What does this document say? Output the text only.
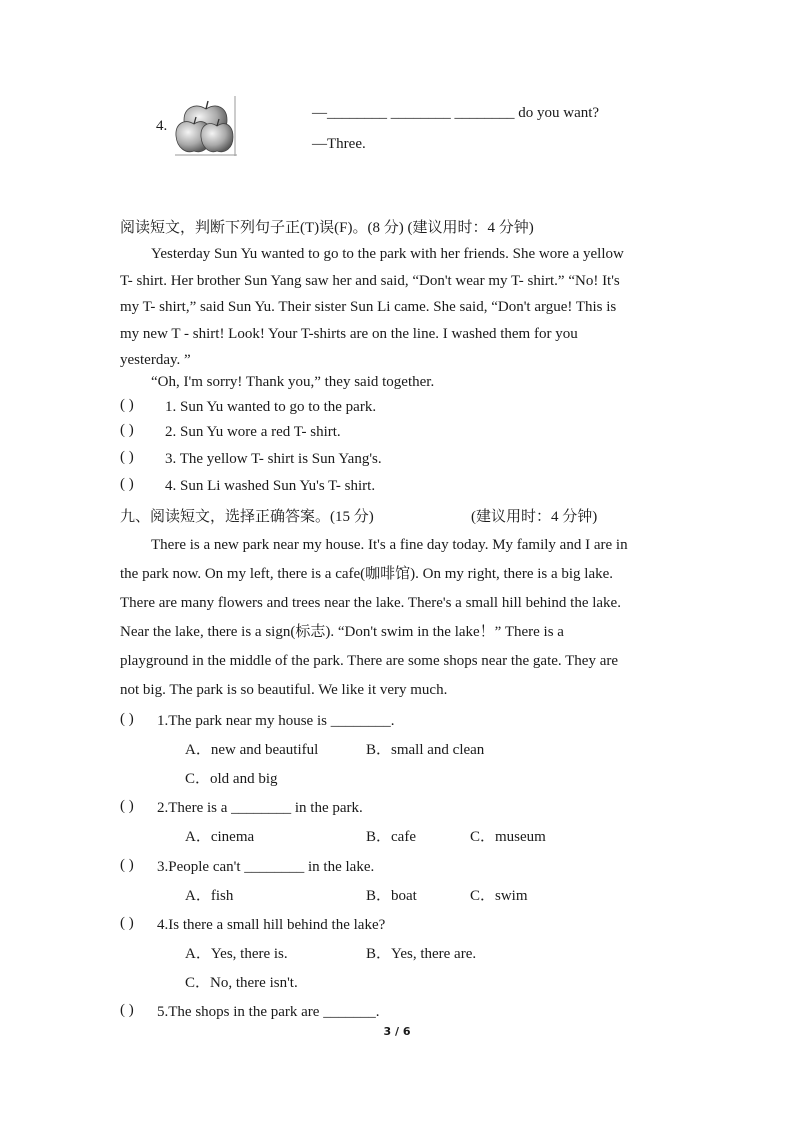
4.
—________ ________ ________ do you want?
—Three.
阅读短文，判断下列句子正(T)误(F)。(8 分) (建议用时：4 分钟)

Yesterday Sun Yu wanted to go to the park with her friends. She wore a yellow

T- shirt. Her brother Sun Yang saw her and said, “Don't wear my T- shirt.” “No! It's

my T- shirt,” said Sun Yu. Their sister Sun Li came. She said, “Don't argue! This is

my new T - shirt! Look! Your T-shirts are on the line. I washed them for you

yesterday. ”

“Oh, I'm sorry! Thank you,” they said together.
( ) 1. Sun Yu wanted to go to the park.
( ) 2. Sun Yu wore a red T- shirt.
( ) 3. The yellow T- shirt is Sun Yang's.
( ) 4. Sun Li washed Sun Yu's T- shirt.
九、阅读短文，选择正确答案。(15 分)	(建议用时：4 分钟)

There is a new park near my house. It's a fine day today. My family and I are in

the park now. On my left, there is a cafe(咖啡馆). On my right, there is a big lake.

There are many flowers and trees near the lake. There's a small hill behind the lake.

Near the lake, there is a sign(标志). “Don't swim in the lake！” There is a

playground in the middle of the park. There are some shops near the gate. They are

not big. The park is so beautiful. We like it very much.

( ) 1.The park near my house is ________.
A．new and beautiful	B．small and clean
C．old and big
( ) 2.There is a ________ in the park.
A．cinema	B．cafe	C．museum
( ) 3.People can't ________ in the lake.
A．fish	B．boat	C．swim
( ) 4.Is there a small hill behind the lake?
A．Yes, there is.	B．Yes, there are.
C．No, there isn't.
( ) 5.The shops in the park are _______.
3 / 6
